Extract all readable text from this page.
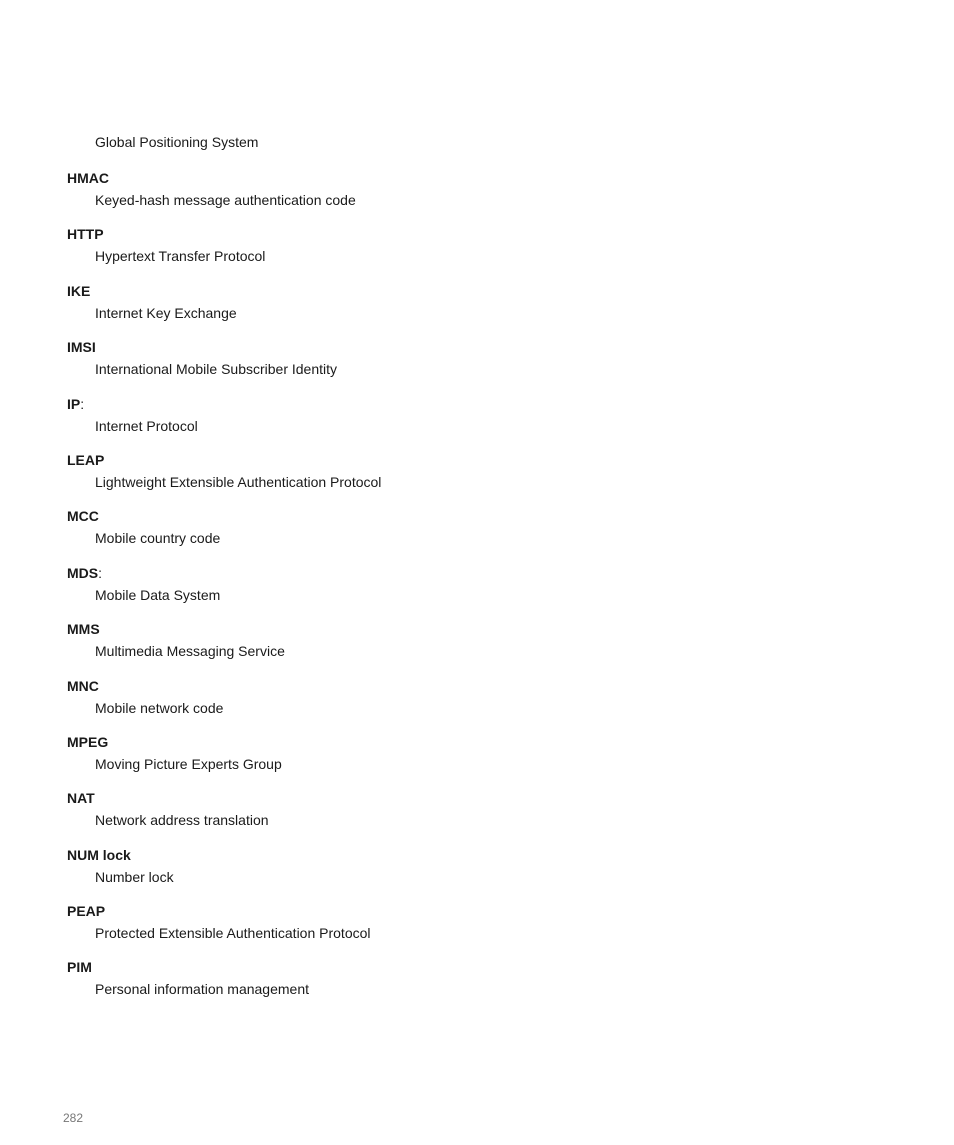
Global Positioning System
HMAC
Keyed-hash message authentication code
HTTP
Hypertext Transfer Protocol
IKE
Internet Key Exchange
IMSI
International Mobile Subscriber Identity
IP:
Internet Protocol
LEAP
Lightweight Extensible Authentication Protocol
MCC
Mobile country code
MDS:
Mobile Data System
MMS
Multimedia Messaging Service
MNC
Mobile network code
MPEG
Moving Picture Experts Group
NAT
Network address translation
NUM lock
Number lock
PEAP
Protected Extensible Authentication Protocol
PIM
Personal information management
282
